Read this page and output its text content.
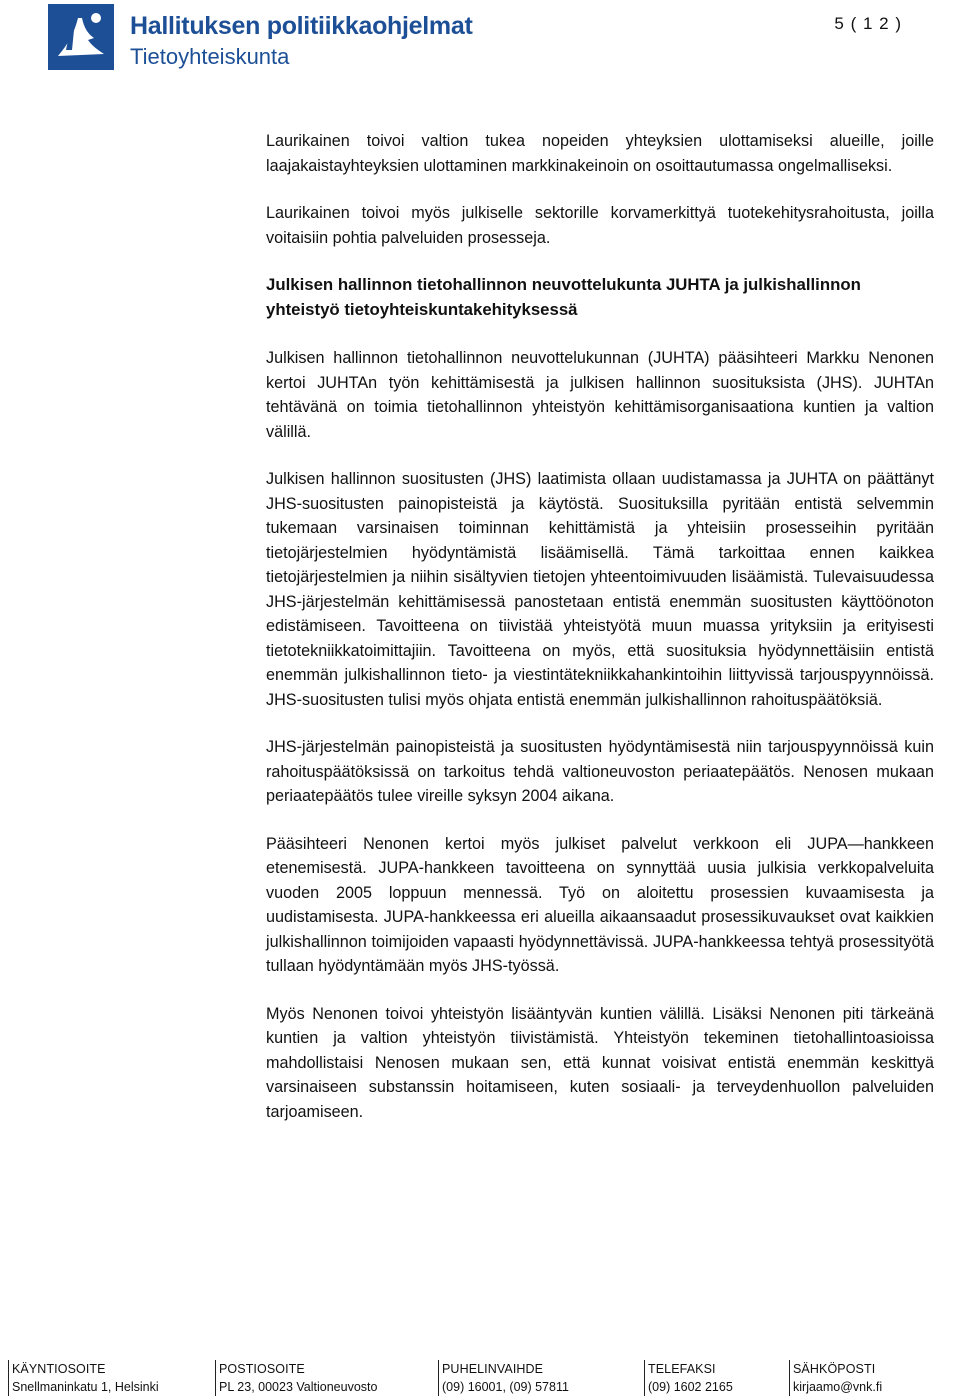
Hallituksen politiikkaohjelmat
Tietoyhteiskunta
5 ( 1 2 )

Laurikainen toivoi valtion tukea nopeiden yhteyksien ulottamiseksi alueille, joille laajakaistayhteyksien ulottaminen markkinakeinoin on osoittautumassa ongelmalliseksi.

Laurikainen toivoi myös julkiselle sektorille korvamerkittyä tuotekehitysrahoitusta, joilla voitaisiin pohtia palveluiden prosesseja.

Julkisen hallinnon tietohallinnon neuvottelukunta JUHTA ja julkishallinnon yhteistyö tietoyhteiskuntakehityksessä

Julkisen hallinnon tietohallinnon neuvottelukunnan (JUHTA) pääsihteeri Markku Nenonen kertoi JUHTAn työn kehittämisestä ja julkisen hallinnon suosituksista (JHS). JUHTAn tehtävänä on toimia tietohallinnon yhteistyön kehittämisorganisaationa kuntien ja valtion välillä.

Julkisen hallinnon suositusten (JHS) laatimista ollaan uudistamassa ja JUHTA on päättänyt JHS-suositusten painopisteistä ja käytöstä. Suosituksilla pyritään entistä selvemmin tukemaan varsinaisen toiminnan kehittämistä ja yhteisiin prosesseihin pyritään tietojärjestelmien hyödyntämistä lisäämisellä. Tämä tarkoittaa ennen kaikkea tietojärjestelmien ja niihin sisältyvien tietojen yhteentoimivuuden lisäämistä. Tulevaisuudessa JHS-järjestelmän kehittämisessä panostetaan entistä enemmän suositusten käyttöönoton edistämiseen. Tavoitteena on tiivistää yhteistyötä muun muassa yrityksiin ja erityisesti tietotekniikkatoimittajiin. Tavoitteena on myös, että suosituksia hyödynnettäisiin entistä enemmän julkishallinnon tieto- ja viestintätekniikkahankintoihin liittyvissä tarjouspyynnöissä. JHS-suositusten tulisi myös ohjata entistä enemmän julkishallinnon rahoituspäätöksiä.

JHS-järjestelmän painopisteistä ja suositusten hyödyntämisestä niin tarjouspyynnöissä kuin rahoituspäätöksissä on tarkoitus tehdä valtioneuvoston periaatepäätös. Nenosen mukaan periaatepäätös tulee vireille syksyn 2004 aikana.

Pääsihteeri Nenonen kertoi myös julkiset palvelut verkkoon eli JUPA—hankkeen etenemisestä. JUPA-hankkeen tavoitteena on synnyttää uusia julkisia verkkopalveluita vuoden 2005 loppuun mennessä. Työ on aloitettu prosessien kuvaamisesta ja uudistamisesta. JUPA-hankkeessa eri alueilla aikaansaadut prosessikuvaukset ovat kaikkien julkishallinnon toimijoiden vapaasti hyödynnettävissä. JUPA-hankkeessa tehtyä prosessityötä tullaan hyödyntämään myös JHS-työssä.

Myös Nenonen toivoi yhteistyön lisääntyvän kuntien välillä. Lisäksi Nenonen piti tärkeänä kuntien ja valtion yhteistyön tiivistämistä. Yhteistyön tekeminen tietohallintoasioissa mahdollistaisi Nenosen mukaan sen, että kunnat voisivat entistä enemmän keskittyä varsinaiseen substanssin hoitamiseen, kuten sosiaali- ja terveydenhuollon palveluiden tarjoamiseen.

KÄYNTIOSOITE
Snellmaninkatu 1, Helsinki
POSTIOSOITE
PL 23, 00023 Valtioneuvosto
PUHELINVAIHDE
(09) 16001, (09) 57811
TELEFAKSI
(09) 1602 2165
SÄHKÖPOSTI
kirjaamo@vnk.fi
